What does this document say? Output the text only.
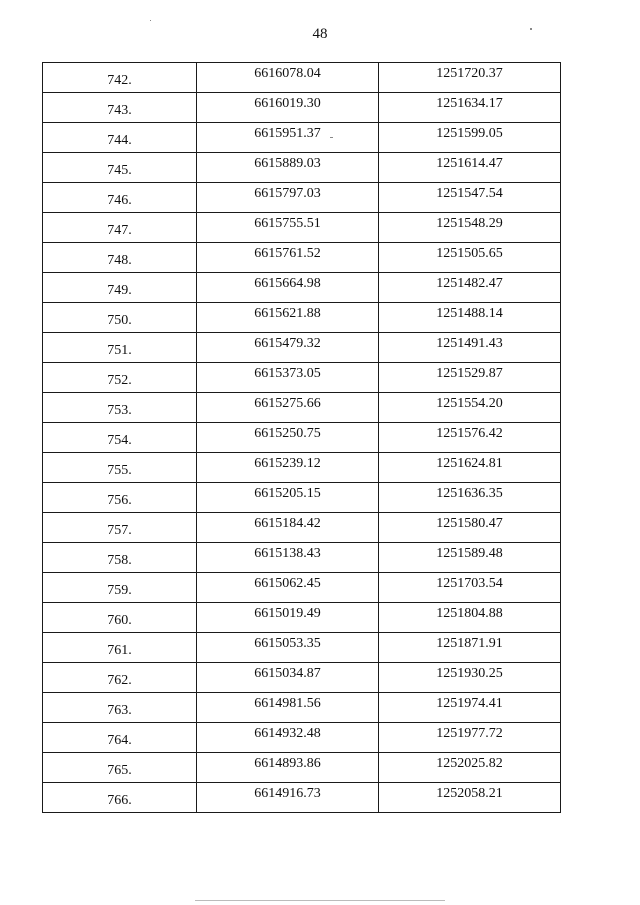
48
742.	6616078.04	1251720.37
743.	6616019.30	1251634.17
744.	6615951.37	1251599.05
745.	6615889.03	1251614.47
746.	6615797.03	1251547.54
747.	6615755.51	1251548.29
748.	6615761.52	1251505.65
749.	6615664.98	1251482.47
750.	6615621.88	1251488.14
751.	6615479.32	1251491.43
752.	6615373.05	1251529.87
753.	6615275.66	1251554.20
754.	6615250.75	1251576.42
755.	6615239.12	1251624.81
756.	6615205.15	1251636.35
757.	6615184.42	1251580.47
758.	6615138.43	1251589.48
759.	6615062.45	1251703.54
760.	6615019.49	1251804.88
761.	6615053.35	1251871.91
762.	6615034.87	1251930.25
763.	6614981.56	1251974.41
764.	6614932.48	1251977.72
765.	6614893.86	1252025.82
766.	6614916.73	1252058.21
